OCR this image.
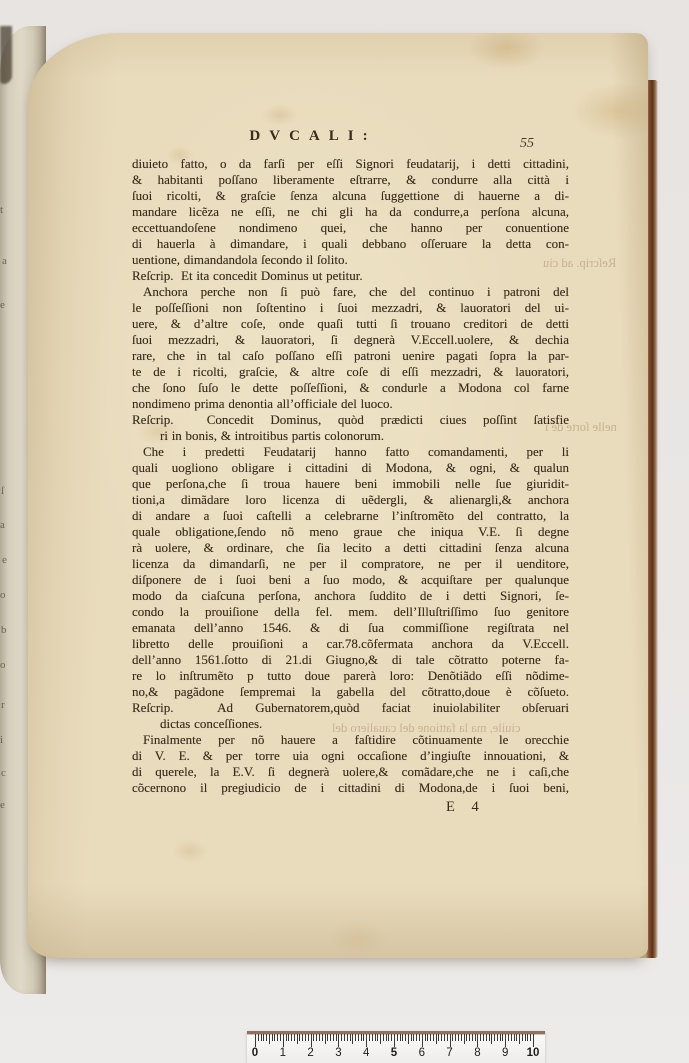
t
a
e
ſ
a
e
o
b
o
r
i
c
e
DVCALI:	55
diuieto fatto, o da farſi per eſſi Signori feudatarij, i detti cittadini,
& habitanti poſſano liberamente eſtrarre, & condurre alla città i
ſuoi ricolti, & graſcie ſenza alcuna ſuggettione di hauerne a di-
mandare licẽza ne eſſi, ne chi gli ha da condurre,a perſona alcuna,
eccettuandoſene nondimeno quei, che hanno per conuentione
di hauerla à dimandare, i quali debbano oſſeruare la detta con-
uentione, dimandandola ſecondo il ſolito.
Reſcrip.  Et ita concedit Dominus ut petitur.
Anchora perche non ſi può fare, che del continuo i patroni del
le poſſeſſioni non ſoſtentino i ſuoi mezzadri, & lauoratori del ui-
uere, & d’altre coſe, onde quaſi tutti ſi trouano creditori de detti
ſuoi mezzadri, & lauoratori, ſi degnerà V.Eccell.uolere, & dechia
rare, che in tal caſo poſſano eſſi patroni uenire pagati ſopra la par-
te de i ricolti, graſcie, & altre coſe di eſſi mezzadri, & lauoratori,
che ſono ſuſo le dette poſſeſſioni, & condurle a Modona col farne
nondimeno prima denontia all’officiale del luoco.
Reſcrip.  Concedit Dominus, quòd prædicti ciues poſſint ſatisfie
ri in bonis, & introitibus partis colonorum.
Che i predetti Feudatarij hanno fatto comandamenti, per li
quali uogliono obligare i cittadini di Modona, & ogni, & qualun
que perſona,che ſi troua hauere beni immobili nelle ſue giuridit-
tioni,a dimãdare loro licenza di uẽdergli, & alienargli,& anchora
di andare a ſuoi caſtelli a celebrarne l’inſtromẽto del contratto, la
quale obligatione,ſendo nõ meno graue che iniqua V.E. ſi degne
rà uolere, & ordinare, che ſia lecito a detti cittadini ſenza alcuna
licenza da dimandarſi, ne per il compratore, ne per il uenditore,
diſponere de i ſuoi beni a ſuo modo, & acquiſtare per qualunque
modo da ciaſcuna perſona, anchora ſuddito de i detti Signori, ſe-
condo la prouiſione della fel. mem. dell’Illuſtriſſimo ſuo genitore
emanata dell’anno 1546. & di ſua commiſſione regiſtrata nel
libretto delle prouiſioni a car.78.cõfermata anchora da V.Eccell.
dell’anno 1561.ſotto di 21.di Giugno,& di tale cõtratto poterne fa-
re lo inſtrumẽto p tutto doue parerà loro: Denõtiãdo eſſi nõdime-
no,& pagãdone ſempremai la gabella del cõtratto,doue è cõſueto.
Reſcrip.  Ad Gubernatorem,quòd faciat inuiolabiliter obſeruari
dictas conceſſiones.
Finalmente per nõ hauere a faſtidire cõtinuamente le orecchie
di V. E. & per torre uia ogni occaſione d’ingiuſte innouationi, &
di querele, la E.V. ſi degnerà uolere,& comãdare,che ne i caſi,che
cõcernono il pregiudicio de i cittadini di Modona,de i ſuoi beni,
E 4
0 1 2 3 4 5 6 7 8 9 10
Reſcrip. ad ciu
nelle ſorte de i
ciuile, ma la fattione del caualiero del
